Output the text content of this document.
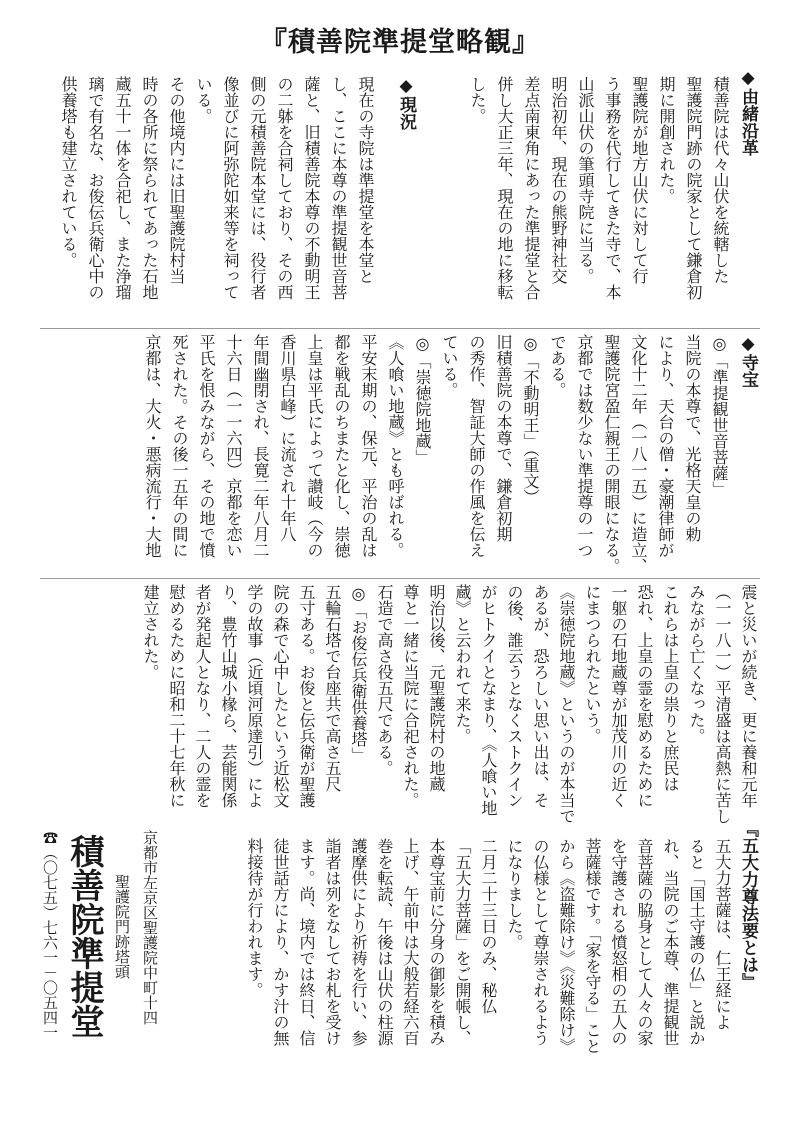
『積善院準提堂略観』
◆由緒沿革
積善院は代々山伏を統轄した
聖護院門跡の院家として鎌倉初
期に開創された。
聖護院が地方山伏に対して行
う事務を代行してきた寺で、本
山派山伏の筆頭寺院に当る。
明治初年、現在の熊野神社交
差点南東角にあった準提堂と合
併し大正三年、現在の地に移転
した。
◆現況
現在の寺院は準提堂を本堂と
し、ここに本尊の準提観世音菩
薩と、旧積善院本尊の不動明王
の二躰を合祠しており、その西
側の元積善院本堂には、役行者
像並びに阿弥陀如来等を祠って
いる。
その他境内には旧聖護院村当
時の各所に祭られてあった石地
蔵五十一体を合祀し、また浄瑠
璃で有名な、お俊伝兵衛心中の
供養塔も建立されている。
◆寺宝
◎「準提観世音菩薩」
当院の本尊で、光格天皇の勅
により、天台の僧・豪潮律師が
文化十二年（一八一五）に造立、
聖護院宮盈仁親王の開眼になる。
京都では数少ない準提尊の一つ
である。
◎「不動明王」（重文）
旧積善院の本尊で、鎌倉初期
の秀作、智証大師の作風を伝え
ている。
◎「崇徳院地蔵」
《人喰い地蔵》とも呼ばれる。
平安末期の、保元、平治の乱は
都を戦乱のちまたと化し、崇徳
上皇は平氏によって讃岐（今の
香川県白峰）に流され十年八
年間幽閉され、長寛二年八月二
十六日（一一六四）京都を恋い
平氏を恨みながら、その地で憤
死された。その後一五年の間に
京都は、大火・悪病流行・大地
震と災いが続き、更に養和元年
（一一八一）平清盛は高熱に苦し
みながら亡くなった。
これらは上皇の祟りと庶民は
恐れ、上皇の霊を慰めるために
一躯の石地蔵尊が加茂川の近く
にまつられたという。
《崇徳院地蔵》というのが本当で
あるが、恐ろしい思い出は、そ
の後、誰云うとなくストクイン
がヒトクイとなまり、《人喰い地
蔵》と云われて来た。
明治以後、元聖護院村の地蔵
尊と一緒に当院に合祀された。
石造で高さ役五尺である。
◎「お俊伝兵衛供養塔」
五輪石塔で台座共で高さ五尺
五寸ある。お俊と伝兵衛が聖護
院の森で心中したという近松文
学の故事（近頃河原達引）によ
り、豊竹山城小椽ら、芸能関係
者が発起人となり、二人の霊を
慰めるために昭和二十七年秋に
建立された。
『五大力尊法要とは』
五大力菩薩は、仁王経によ
ると「国土守護の仏」と説か
れ、当院のご本尊、準提観世
音菩薩の脇身として人々の家
を守護される憤怒相の五人の
菩薩様です。「家を守る」こと
から《盗難除け》《災難除け》
の仏様として尊崇されるよう
になりました。
二月二十三日のみ、秘仏
「五大力菩薩」をご開帳し、
本尊宝前に分身の御影を積み
上げ、午前中は大般若経六百
巻を転読、午後は山伏の柱源
護摩供により祈祷を行い、参
詣者は列をなしてお札を受け
ます。尚、境内では終日、信
徒世話方により、かす汁の無
料接待が行われます。
京都市左京区聖護院中町十四
聖護院門跡塔頭
積善院準提堂
☎（〇七五）七六一－〇五四一
